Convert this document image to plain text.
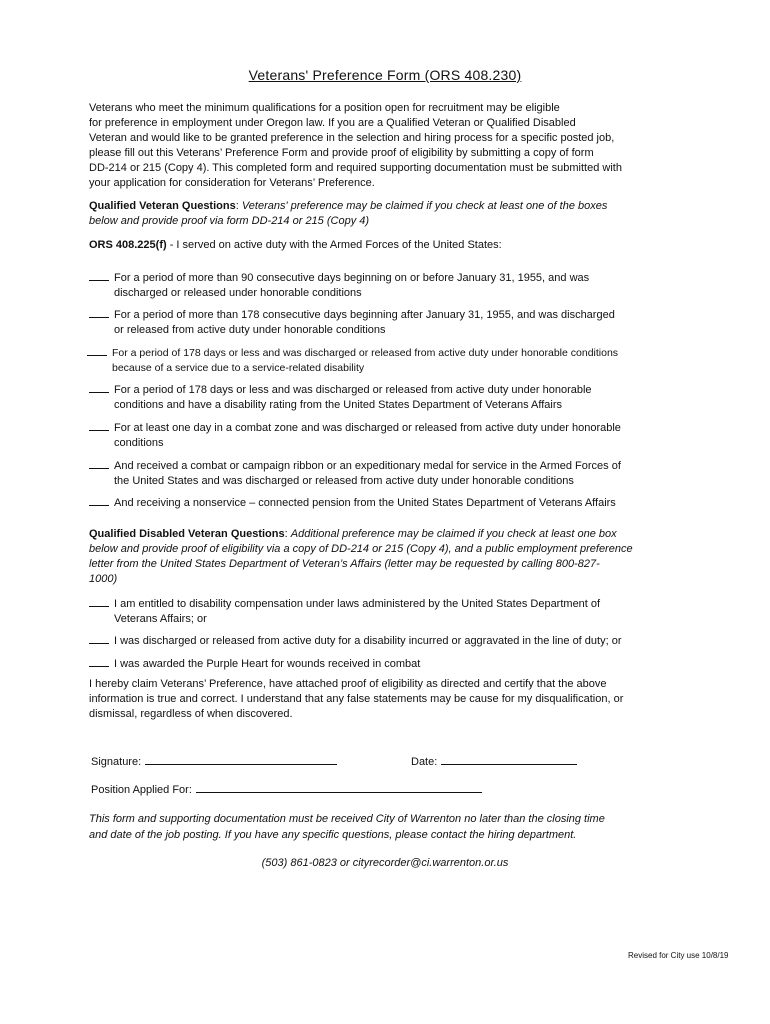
Veterans' Preference Form (ORS 408.230)
Veterans who meet the minimum qualifications for a position open for recruitment may be eligible
for preference in employment under Oregon law. If you are a Qualified Veteran or Qualified Disabled
Veteran and would like to be granted preference in the selection and hiring process for a specific posted job,
please fill out this Veterans’ Preference Form and provide proof of eligibility by submitting a copy of form
DD-214 or 215 (Copy 4). This completed form and required supporting documentation must be submitted with
your application for consideration for Veterans’ Preference.
Qualified Veteran Questions: Veterans' preference may be claimed if you check at least one of the boxes
below and provide proof via form DD-214 or 215 (Copy 4)
ORS 408.225(f) - I served on active duty with the Armed Forces of the United States:
For a period of more than 90 consecutive days beginning on or before January 31, 1955, and was
discharged or released under honorable conditions
For a period of more than 178 consecutive days beginning after January 31, 1955, and was discharged
or released from active duty under honorable conditions
For a period of 178 days or less and was discharged or released from active duty under honorable conditions
because of a service due to a service-related disability
For a period of 178 days or less and was discharged or released from active duty under honorable
conditions and have a disability rating from the United States Department of Veterans Affairs
For at least one day in a combat zone and was discharged or released from active duty under honorable
conditions
And received a combat or campaign ribbon or an expeditionary medal for service in the Armed Forces of
the United States and was discharged or released from active duty under honorable conditions
And receiving a nonservice – connected pension from the United States Department of Veterans Affairs
Qualified Disabled Veteran Questions: Additional preference may be claimed if you check at least one box
below and provide proof of eligibility via a copy of DD-214 or 215 (Copy 4), and a public employment preference
letter from the United States Department of Veteran’s Affairs (letter may be requested by calling 800-827-
1000)
I am entitled to disability compensation under laws administered by the United States Department of
Veterans Affairs; or
I was discharged or released from active duty for a disability incurred or aggravated in the line of duty; or
I was awarded the Purple Heart for wounds received in combat
I hereby claim Veterans’ Preference, have attached proof of eligibility as directed and certify that the above
information is true and correct. I understand that any false statements may be cause for my disqualification, or
dismissal, regardless of when discovered.
Signature:	Date:
Position Applied For:
This form and supporting documentation must be received City of Warrenton no later than the closing time
and date of the job posting. If you have any specific questions, please contact the hiring department.
(503) 861-0823 or cityrecorder@ci.warrenton.or.us
Revised for City use 10/8/19
